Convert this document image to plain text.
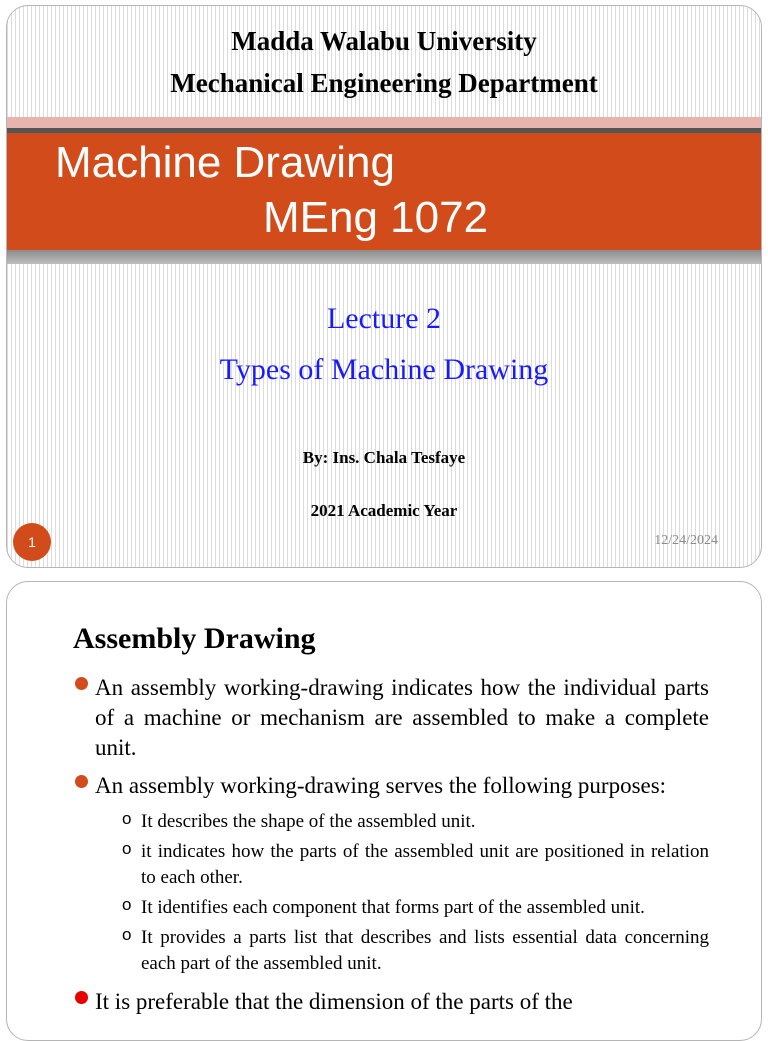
Madda Walabu University
Mechanical Engineering Department
Machine Drawing
MEng 1072
Lecture 2
Types of Machine Drawing
By: Ins. Chala Tesfaye
2021 Academic Year
1	12/24/2024
Assembly Drawing
An assembly working-drawing indicates how the individual parts of a machine or mechanism are assembled to make a complete unit.
An assembly working-drawing serves the following purposes:
o It describes the shape of the assembled unit.
o it indicates how the parts of the assembled unit are positioned in relation to each other.
o It identifies each component that forms part of the assembled unit.
o It provides a parts list that describes and lists essential data concerning each part of the assembled unit.
It is preferable that the dimension of the parts of the
